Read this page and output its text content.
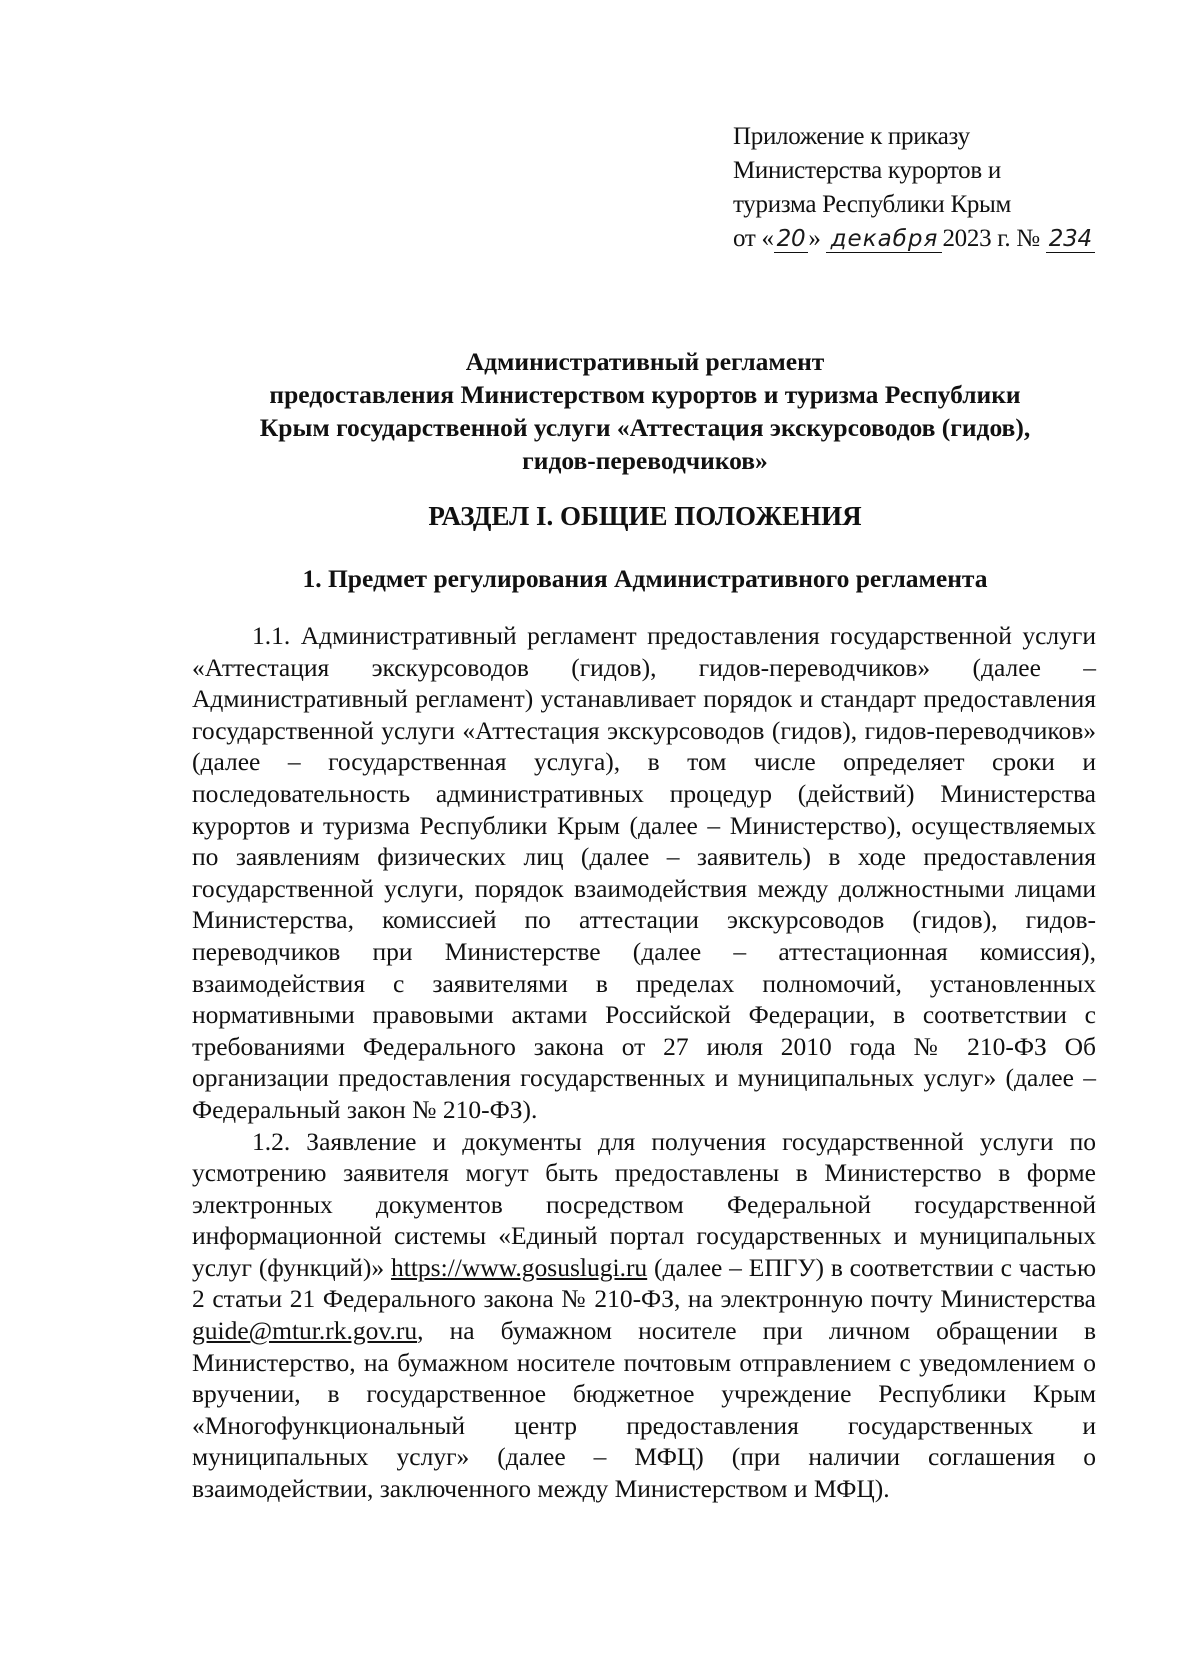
Приложение к приказу
Министерства курортов и
туризма Республики Крым
от « 20 » декабря 2023 г. № 234
Административный регламент
предоставления Министерством курортов и туризма Республики
Крым государственной услуги «Аттестация экскурсоводов (гидов),
гидов-переводчиков»
РАЗДЕЛ I. ОБЩИЕ ПОЛОЖЕНИЯ
1. Предмет регулирования Административного регламента

1.1. Административный регламент предоставления государственной услуги «Аттестация экскурсоводов (гидов), гидов-переводчиков» (далее – Административный регламент) устанавливает порядок и стандарт предоставления государственной услуги «Аттестация экскурсоводов (гидов), гидов-переводчиков» (далее – государственная услуга), в том числе определяет сроки и последовательность административных процедур (действий) Министерства курортов и туризма Республики Крым (далее – Министерство), осуществляемых по заявлениям физических лиц (далее – заявитель) в ходе предоставления государственной услуги, порядок взаимодействия между должностными лицами Министерства, комиссией по аттестации экскурсоводов (гидов), гидов-переводчиков при Министерстве (далее – аттестационная комиссия), взаимодействия с заявителями в пределах полномочий, установленных нормативными правовыми актами Российской Федерации, в соответствии с требованиями Федерального закона от 27 июля 2010 года № 210-ФЗ Об организации предоставления государственных и муниципальных услуг» (далее – Федеральный закон № 210-ФЗ).

1.2. Заявление и документы для получения государственной услуги по усмотрению заявителя могут быть предоставлены в Министерство в форме электронных документов посредством Федеральной государственной информационной системы «Единый портал государственных и муниципальных услуг (функций)» https://www.gosuslugi.ru (далее – ЕПГУ) в соответствии с частью 2 статьи 21 Федерального закона № 210-ФЗ, на электронную почту Министерства guide@mtur.rk.gov.ru, на бумажном носителе при личном обращении в Министерство, на бумажном носителе почтовым отправлением с уведомлением о вручении, в государственное бюджетное учреждение Республики Крым «Многофункциональный центр предоставления государственных и муниципальных услуг» (далее – МФЦ) (при наличии соглашения о взаимодействии, заключенного между Министерством и МФЦ).
